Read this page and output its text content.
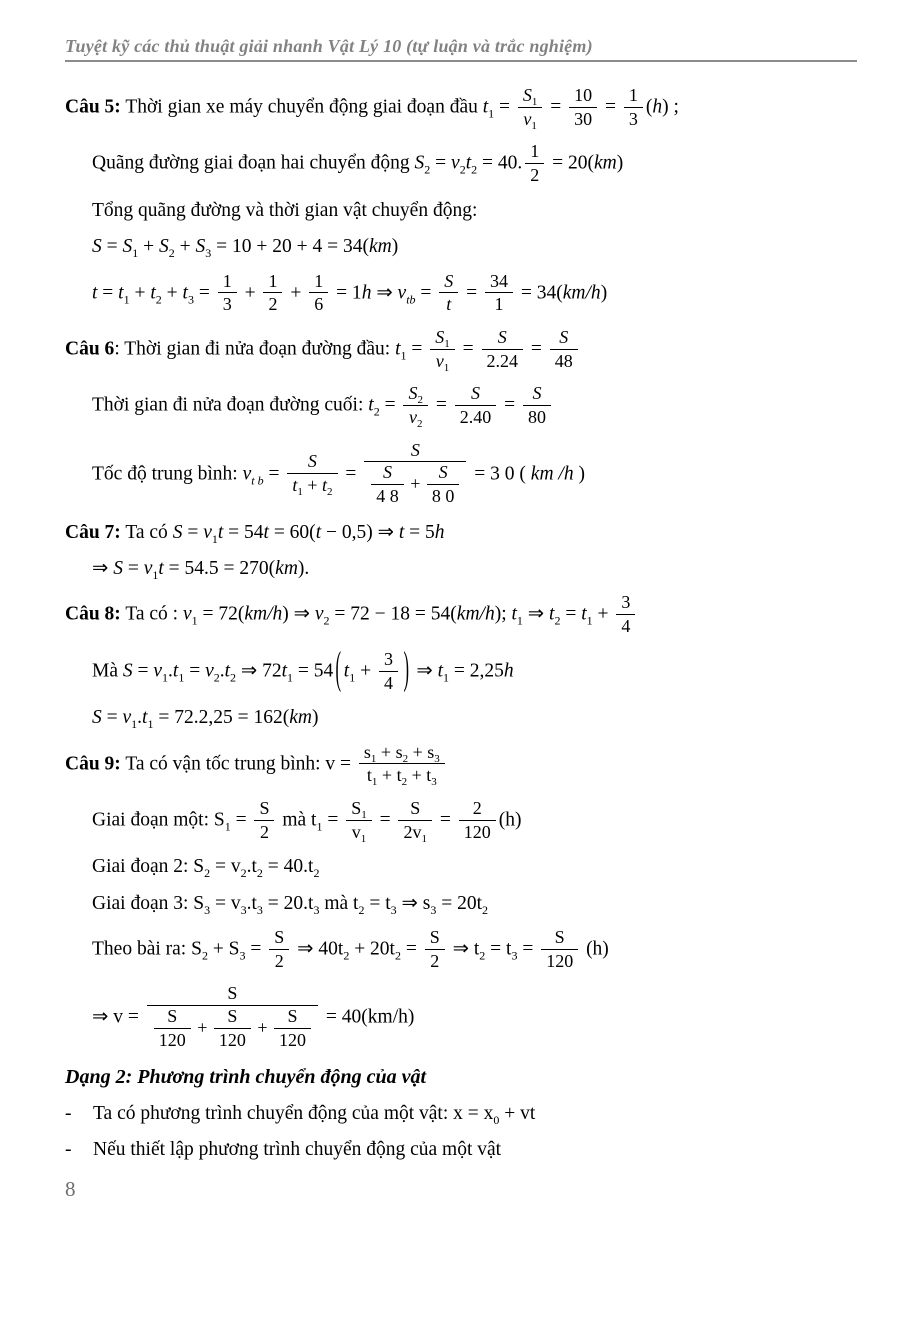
Tuyệt kỹ các thủ thuật giải nhanh Vật Lý 10 (tự luận và trắc nghiệm)
Câu 5: Thời gian xe máy chuyển động giai đoạn đầu $t_1 = \frac{S_1}{v_1} = \frac{10}{30} = \frac{1}{3} (h)$ ;
Quãng đường giai đoạn hai chuyển động $S_2 = v_2t_2 = 40$. $\frac{1}{2} = 20(km)$
Tổng quãng đường và thời gian vật chuyển động:
$S = S_1 + S_2 + S_3 = 10 + 20 + 4 = 34(km)$
$t = t_1 + t_2 + t_3 = \frac{1}{3} + \frac{1}{2} + \frac{1}{6} = 1h$ ⇒ $v_{tb} = \frac{S}{t} = \frac{34}{1} = 34(km/h)$
Câu 6: Thời gian đi nửa đoạn đường đầu: $t_1 = \frac{S_1}{v_1} = \frac{S}{2.24} = \frac{S}{48}$
Thời gian đi nửa đoạn đường cuối: $t_2 = \frac{S_2}{v_2} = \frac{S}{2.40} = \frac{S}{80}$
Tốc độ trung bình: $v_{t b} = \frac{S}{t_1 + t_2} = \frac{S}{\frac{S}{4 8} + \frac{S}{8 0}} = 3$ 0 ( km /h )
Câu 7: Ta có $S = v_1t = 54t = 60(t - 0,5)$ ⇒ t = 5h
⇒ $S = v_1t = 54.5 = 270(km)$.
Câu 8: Ta có : $v_1 = 72(km/h)$ ⇒ $v_2 = 72 - 18 = 54(km/h)$; $t_1$ ⇒ $t_2 = t_1 + \frac{3}{4}$
Mà $S = v_1.t_1 = v_2.t_2$ ⇒ $72t_1 = 54$ ( $t_1 + \frac{3}{4}$ ) ⇒ $t_1 = 2,25h$
$S = v_1.t_1 = 72.2,25 = 162(km)$
Câu 9: Ta có vận tốc trung bình: $v = \frac{s_1 + s_2 + s_3}{t_1 + t_2 + t_3}$
Giai đoạn một: $S_1 = \frac{S}{2}$ mà $t_1 = \frac{S_1}{v_1} = \frac{S}{2v_1} = \frac{2}{120} (h)$
Giai đoạn 2: $S_2 = v_2.t_2 = 40.t_2$
Giai đoạn 3: $S_3 = v_3.t_3 = 20.t_3$ mà $t_2 = t_3$ ⇒ $s_3 = 20t_2$
Theo bài ra: $S_2 + S_3 = \frac{S}{2}$ ⇒ $40t_2 + 20t_2 = \frac{S}{2}$ ⇒ $t_2 = t_3 = \frac{S}{120} (h)$
⇒ $v = \frac{S}{\frac{S}{120} + \frac{S}{120} + \frac{S}{120}} = 40(km/h)$
Dạng 2: Phương trình chuyển động của vật
- Ta có phương trình chuyển động của một vật: $x = x_0$ + vt
- Nếu thiết lập phương trình chuyển động của một vật
8
